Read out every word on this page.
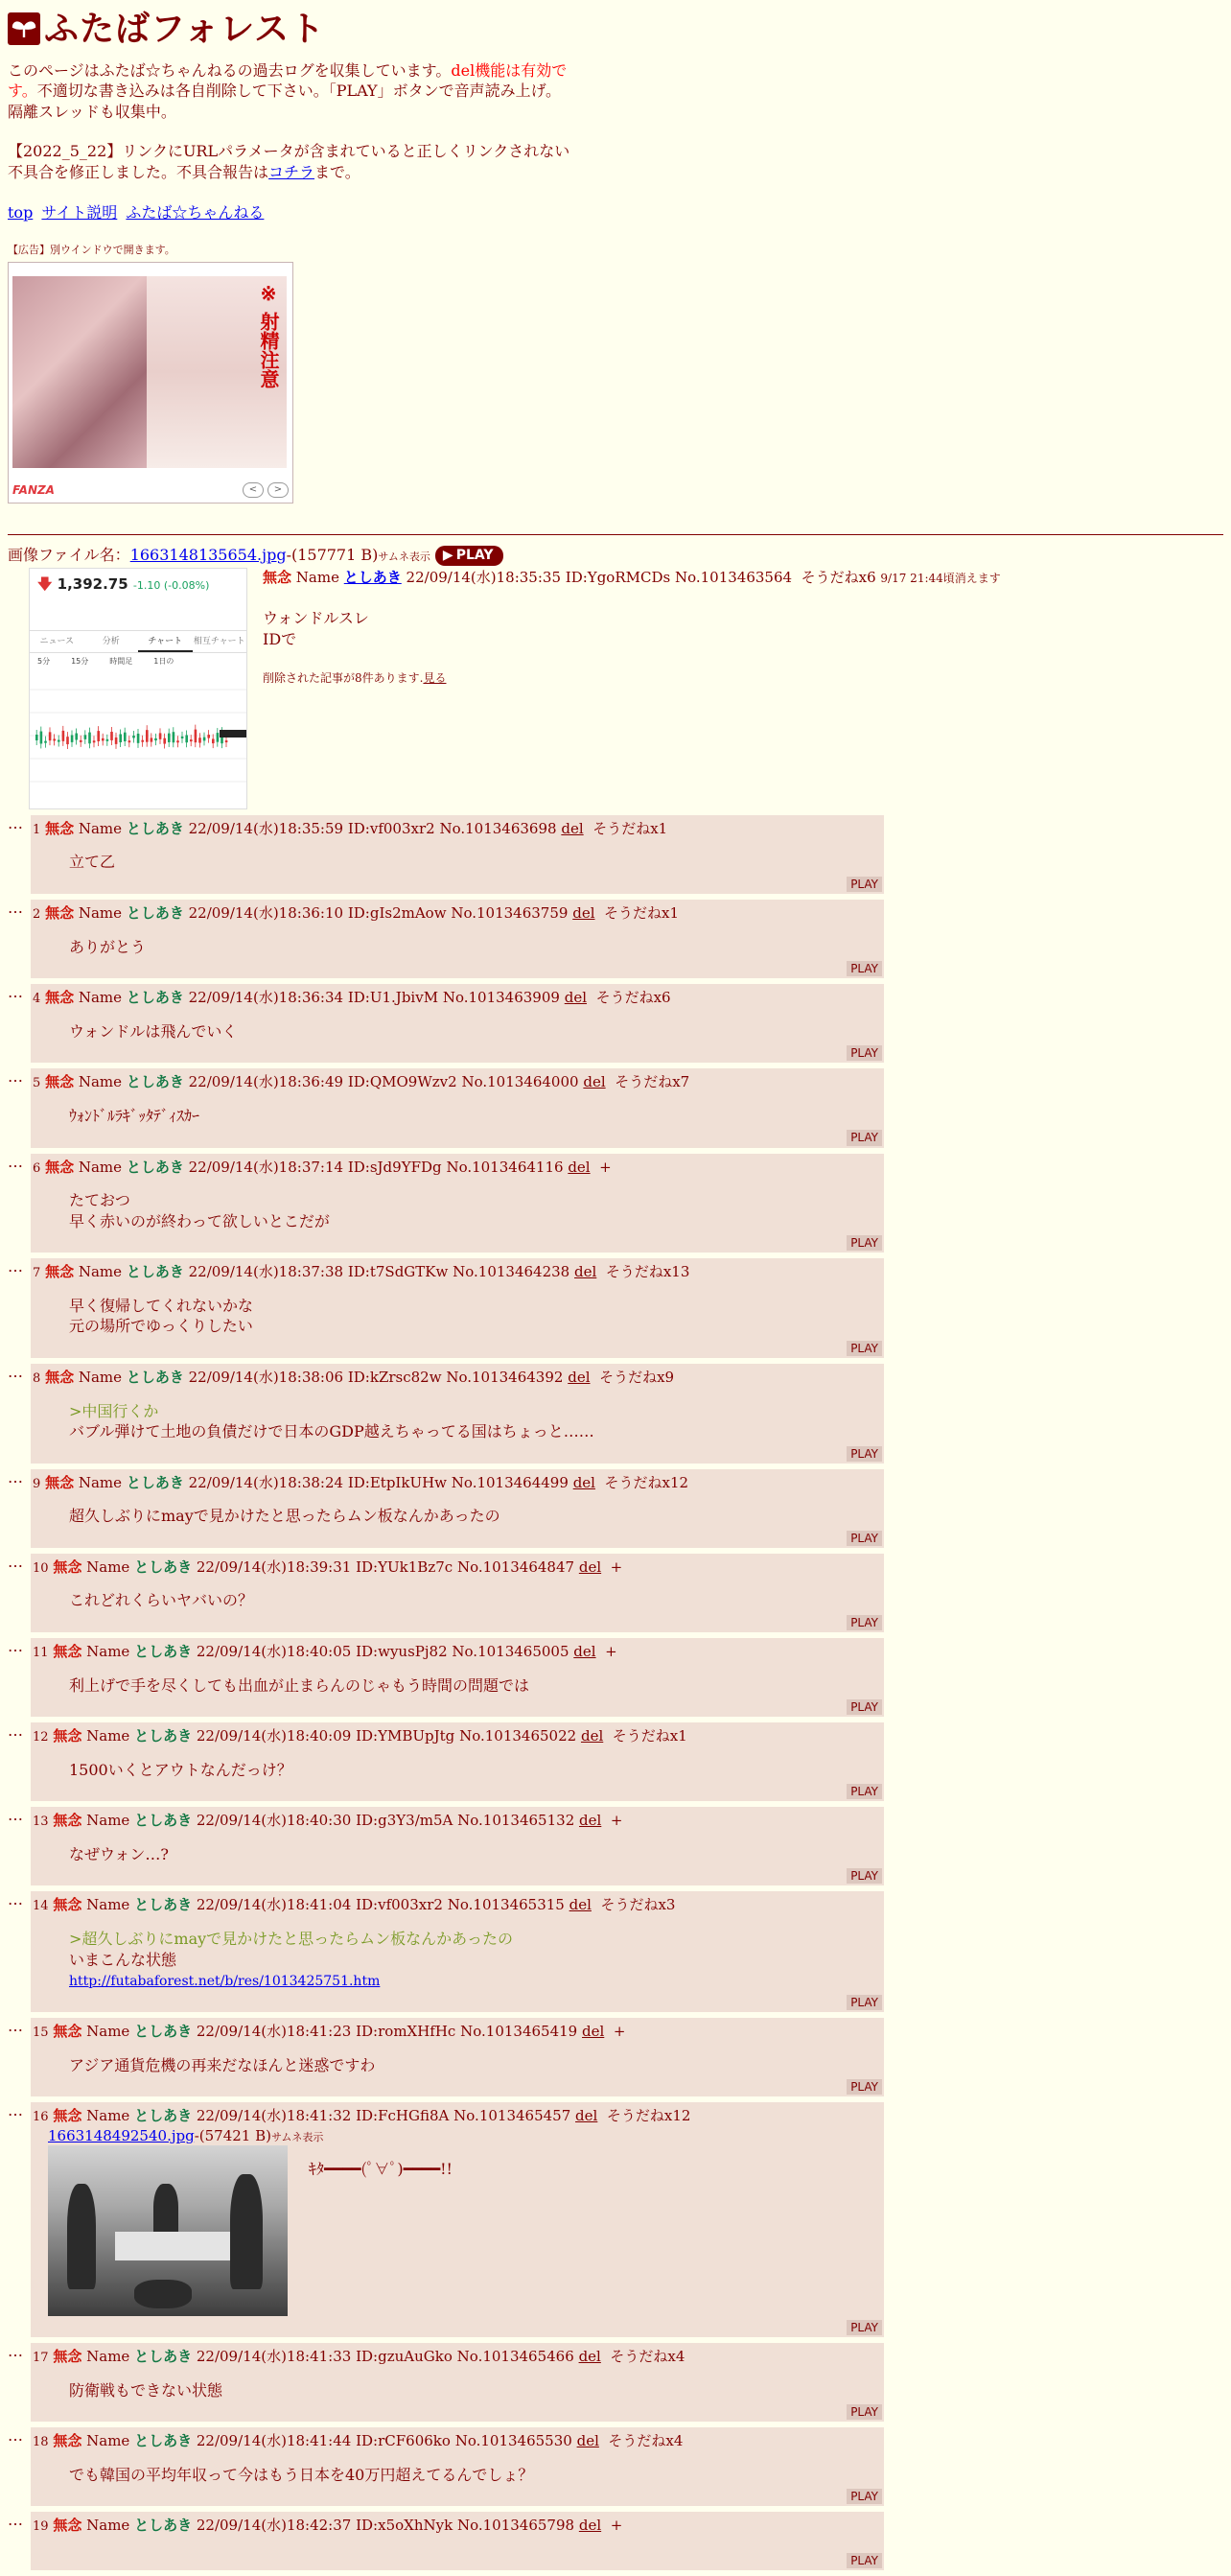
ふたばフォレスト
このページはふたば☆ちゃんねるの過去ログを収集しています。del機能は有効です。不適切な書き込みは各自削除して下さい。「PLAY」ボタンで音声読み上げ。隔離スレッドも収集中。
【2022_5_22】リンクにURLパラメータが含まれていると正しくリンクされない不具合を修正しました。不具合報告はコチラまで。
top サイト説明 ふたば☆ちゃんねる
【広告】別ウインドウで開きます。
※ 射精注意
FANZA	<	>
画像ファイル名：1663148135654.jpg-(157771 B)サムネ表示 ▶ PLAY
🡇 1,392.75 -1.10 (-0.08%)
ニュース	分析	チャート	相互チャート
5分	15分	時間足	1日の
無念 Name としあき 22/09/14(水)18:35:35 ID:YgoRMCDs No.1013463564 そうだねx6 9/17 21:44頃消えます
ウォンドルスレ
IDで
削除された記事が8件あります.見る
… 1 無念 Name としあき 22/09/14(水)18:35:59 ID:vf003xr2 No.1013463698 del そうだねx1
立て乙
PLAY
… 2 無念 Name としあき 22/09/14(水)18:36:10 ID:gIs2mAow No.1013463759 del そうだねx1
ありがとう
PLAY
… 4 無念 Name としあき 22/09/14(水)18:36:34 ID:U1.JbivM No.1013463909 del そうだねx6
ウォンドルは飛んでいく
PLAY
… 5 無念 Name としあき 22/09/14(水)18:36:49 ID:QMO9Wzv2 No.1013464000 del そうだねx7
ｳｫﾝﾄﾞﾙﾗｷﾞｯﾀﾃﾞｨｽｶｰ
PLAY
… 6 無念 Name としあき 22/09/14(水)18:37:14 ID:sJd9YFDg No.1013464116 del +
たておつ
早く赤いのが終わって欲しいとこだが
PLAY
… 7 無念 Name としあき 22/09/14(水)18:37:38 ID:t7SdGTKw No.1013464238 del そうだねx13
早く復帰してくれないかな
元の場所でゆっくりしたい
PLAY
… 8 無念 Name としあき 22/09/14(水)18:38:06 ID:kZrsc82w No.1013464392 del そうだねx9
>中国行くか
バブル弾けて土地の負債だけで日本のGDP越えちゃってる国はちょっと……
PLAY
… 9 無念 Name としあき 22/09/14(水)18:38:24 ID:EtpIkUHw No.1013464499 del そうだねx12
超久しぶりにmayで見かけたと思ったらムン板なんかあったの
PLAY
… 10 無念 Name としあき 22/09/14(水)18:39:31 ID:YUk1Bz7c No.1013464847 del +
これどれくらいヤバいの？
PLAY
… 11 無念 Name としあき 22/09/14(水)18:40:05 ID:wyusPj82 No.1013465005 del +
利上げで手を尽くしても出血が止まらんのじゃもう時間の問題では
PLAY
… 12 無念 Name としあき 22/09/14(水)18:40:09 ID:YMBUpJtg No.1013465022 del そうだねx1
1500いくとアウトなんだっけ？
PLAY
… 13 無念 Name としあき 22/09/14(水)18:40:30 ID:g3Y3/m5A No.1013465132 del +
なぜウォン…?
PLAY
… 14 無念 Name としあき 22/09/14(水)18:41:04 ID:vf003xr2 No.1013465315 del そうだねx3
>超久しぶりにmayで見かけたと思ったらムン板なんかあったの
いまこんな状態
http://futabaforest.net/b/res/1013425751.htm
PLAY
… 15 無念 Name としあき 22/09/14(水)18:41:23 ID:romXHfHc No.1013465419 del +
アジア通貨危機の再来だなほんと迷惑ですわ
PLAY
… 16 無念 Name としあき 22/09/14(水)18:41:32 ID:FcHGfi8A No.1013465457 del そうだねx12
1663148492540.jpg-(57421 B)サムネ表示
ｷﾀ━━━━(ﾟ∀ﾟ)━━━━!!
PLAY
… 17 無念 Name としあき 22/09/14(水)18:41:33 ID:gzuAuGko No.1013465466 del そうだねx4
防衛戦もできない状態
PLAY
… 18 無念 Name としあき 22/09/14(水)18:41:44 ID:rCF606ko No.1013465530 del そうだねx4
でも韓国の平均年収って今はもう日本を40万円超えてるんでしょ？
PLAY
… 19 無念 Name としあき 22/09/14(水)18:42:37 ID:x5oXhNyk No.1013465798 del +
PLAY
